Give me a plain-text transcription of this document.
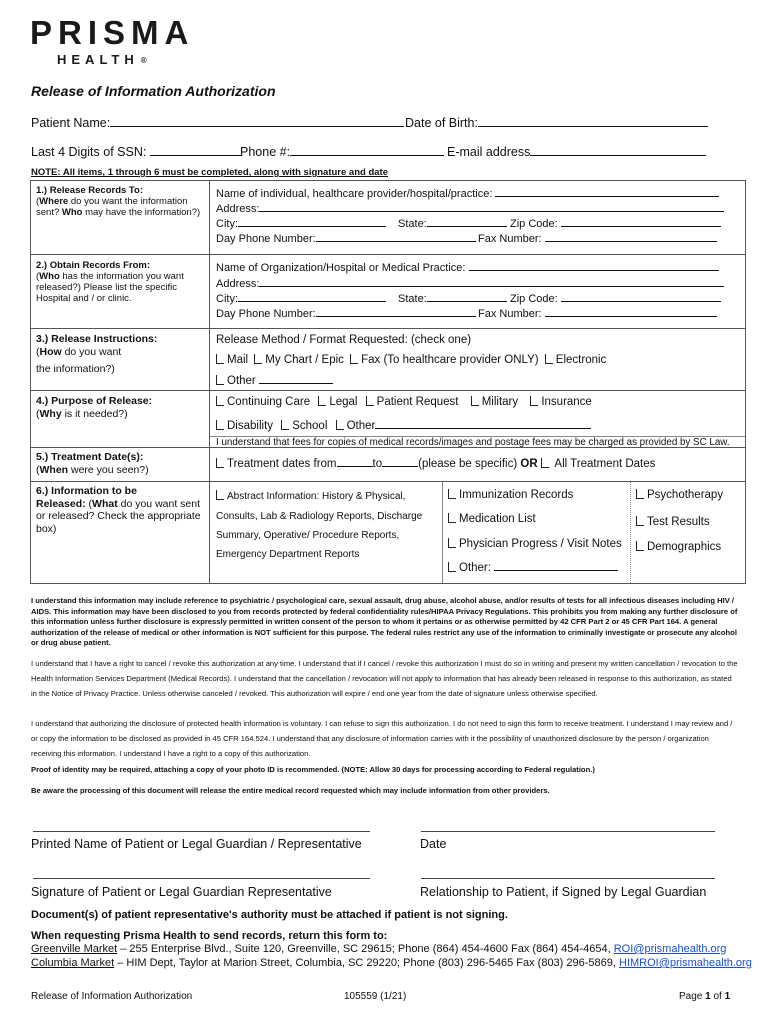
PRISMA
HEALTH ®
Release of Information Authorization
Patient Name:	Date of Birth:
Last 4 Digits of SSN:	Phone #:	E-mail address
NOTE: All items, 1 through 6 must be completed, along with signature and date
1.) Release Records To:
(Where do you want the information sent? Who may have the information?)
Name of individual, healthcare provider/hospital/practice:
Address:
City:	State:	Zip Code:
Day Phone Number:	Fax Number:
2.) Obtain Records From:
(Who has the information you want released?) Please list the specific Hospital and / or clinic.
Name of Organization/Hospital or Medical Practice:
Address:
City:	State:	Zip Code:
Day Phone Number:	Fax Number:
3.) Release Instructions:
(How do you want
the information?)
Release Method / Format Requested: (check one)
Mail My Chart / Epic Fax (To healthcare provider ONLY) Electronic
Other
4.) Purpose of Release:
(Why is it needed?)
Continuing Care Legal Patient Request Military Insurance
Disability School Other
I understand that fees for copies of medical records/images and postage fees may be charged as provided by SC Law.
5.) Treatment Date(s):
(When were you seen?)	Treatment dates from	to	(please be specific) OR All Treatment Dates
6.) Information to be
Released: (What do you want sent or released? Check the appropriate box)
Abstract Information: History & Physical,
Consults, Lab & Radiology Reports, Discharge
Summary, Operative/ Procedure Reports,
Emergency Department Reports
Immunization Records
Medication List
Physician Progress / Visit Notes
Other:
Psychotherapy
Test Results
Demographics
I understand this information may include reference to psychiatric / psychological care, sexual assault, drug abuse, alcohol abuse, and/or results of tests for all infectious diseases including HIV / AIDS. This information may have been disclosed to you from records protected by federal confidentiality rules/HIPAA Privacy Regulations. This prohibits you from making any further disclosure of this information unless further disclosure is expressly permitted in written consent of the person to whom it pertains or as otherwise permitted by 42 CFR Part 2 or 45 CFR Part 164. A general authorization of the release of medical or other information is NOT sufficient for this purpose. The federal rules restrict any use of the information to criminally investigate or prosecute any alcohol or drug abuse patient.
I understand that I have a right to cancel / revoke this authorization at any time. I understand that if I cancel / revoke this authorization I must do so in writing and present my written cancellation / revocation to the Health Information Services Department (Medical Records). I understand that the cancellation / revocation will not apply to information that has already been released in response to this authorization, as stated in the Notice of Privacy Practice. Unless otherwise canceled / revoked. This authorization will expire / end one year from the date of signature unless otherwise specified.
I understand that authorizing the disclosure of protected health information is voluntary. I can refuse to sign this authorization. I do not need to sign this form to receive treatment. I understand I may review and / or copy the information to be disclosed as provided in 45 CFR 164.524. I understand that any disclosure of information carries with it the possibility of unauthorized disclosure by the person / organization receiving this information. I understand I have a right to a copy of this authorization.
Proof of identity may be required, attaching a copy of your photo ID is recommended. (NOTE: Allow 30 days for processing according to Federal regulation.)
Be aware the processing of this document will release the entire medical record requested which may include information from other providers.
Printed Name of Patient or Legal Guardian / Representative	Date
Signature of Patient or Legal Guardian Representative	Relationship to Patient, if Signed by Legal Guardian
Document(s) of patient representative's authority must be attached if patient is not signing.
When requesting Prisma Health to send records, return this form to:
Greenville Market – 255 Enterprise Blvd., Suite 120, Greenville, SC 29615; Phone (864) 454-4600 Fax (864) 454-4654, ROI@prismahealth.org
Columbia Market – HIM Dept, Taylor at Marion Street, Columbia, SC 29220; Phone (803) 296-5465 Fax (803) 296-5869, HIMROI@prismahealth.org
Release of Information Authorization	105559 (1/21)	Page 1 of 1
